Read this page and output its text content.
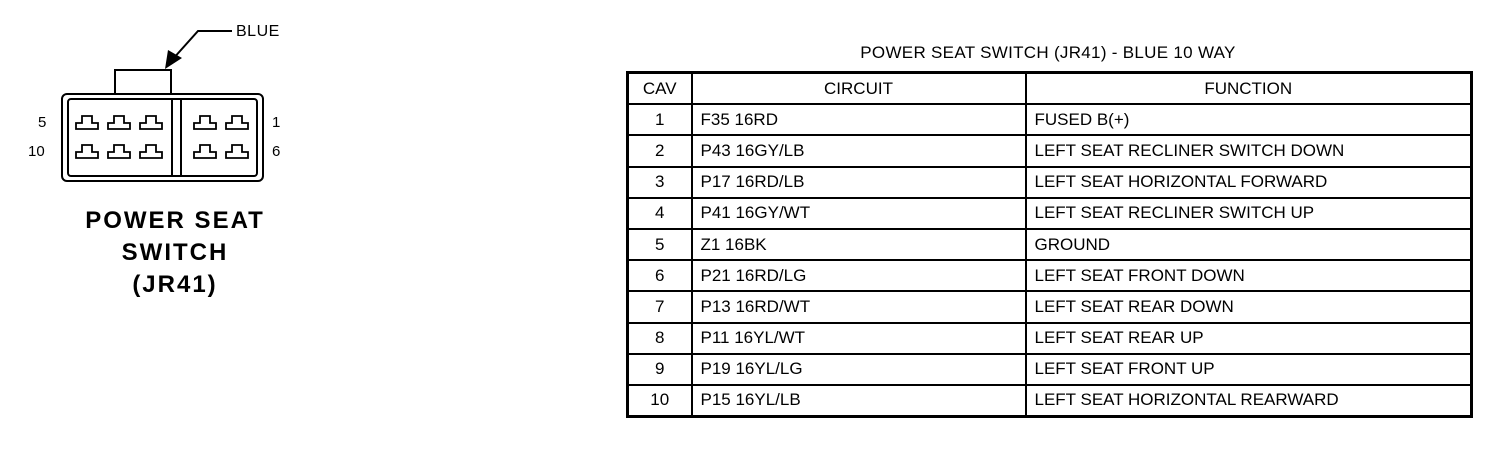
BLUE
5
10
1
6
POWER SEAT
SWITCH
(JR41)
POWER SEAT SWITCH (JR41) - BLUE 10 WAY
CAV	CIRCUIT	FUNCTION
1	F35 16RD	FUSED B(+)
2	P43 16GY/LB	LEFT SEAT RECLINER SWITCH DOWN
3	P17 16RD/LB	LEFT SEAT HORIZONTAL FORWARD
4	P41 16GY/WT	LEFT SEAT RECLINER SWITCH UP
5	Z1 16BK	GROUND
6	P21 16RD/LG	LEFT SEAT FRONT DOWN
7	P13 16RD/WT	LEFT SEAT REAR DOWN
8	P11 16YL/WT	LEFT SEAT REAR UP
9	P19 16YL/LG	LEFT SEAT FRONT UP
10	P15 16YL/LB	LEFT SEAT HORIZONTAL REARWARD
